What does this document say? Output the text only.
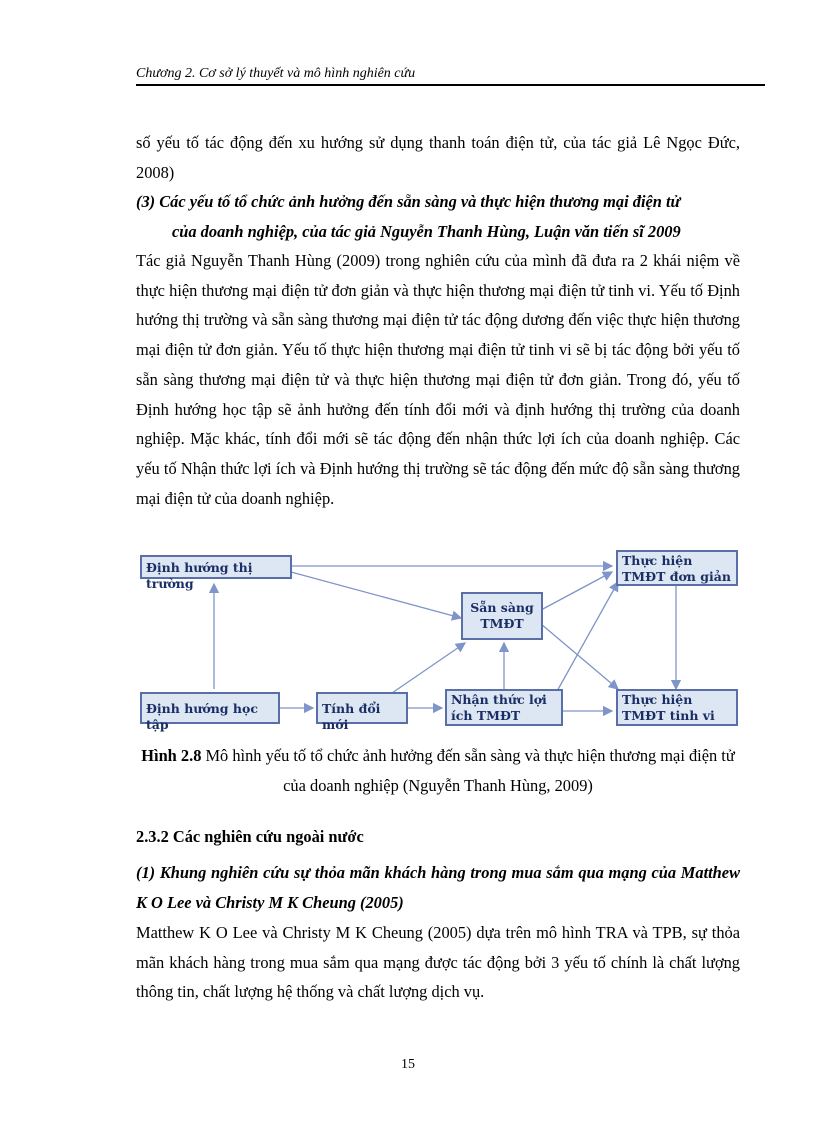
Chương 2. Cơ sở lý thuyết và mô hình nghiên cứu

số yếu tố tác động đến xu hướng sử dụng thanh toán điện tử, của tác giả Lê Ngọc Đức, 2008)

(3) Các yếu tố tổ chức ảnh hưởng đến sẵn sàng và thực hiện thương mại điện tử
của doanh nghiệp, của tác giả Nguyễn Thanh Hùng, Luận văn tiến sĩ 2009

Tác giả Nguyễn Thanh Hùng (2009) trong nghiên cứu của mình đã đưa ra 2 khái niệm về thực hiện thương mại điện tử đơn giản và thực hiện thương mại điện tử tinh vi. Yếu tố Định hướng thị trường và sẵn sàng thương mại điện tử tác động dương đến việc thực hiện thương mại điện tử đơn giản. Yếu tố thực hiện thương mại điện tử tinh vi sẽ bị tác động bởi yếu tố sẵn sàng thương mại điện tử và thực hiện thương mại điện tử đơn giản. Trong đó, yếu tố Định hướng học tập sẽ ảnh hưởng đến tính đổi mới và định hướng thị trường của doanh nghiệp. Mặc khác, tính đổi mới sẽ tác động đến nhận thức lợi ích của doanh nghiệp. Các yếu tố Nhận thức lợi ích và Định hướng thị trường sẽ tác động đến mức độ sẵn sàng thương mại điện tử của doanh nghiệp.

Định hướng thị trường
Sẵn sàng
TMĐT
Thực hiện
TMĐT đơn giản
Định hướng học tập
Tính đổi mới
Nhận thức lợi
ích TMĐT
Thực hiện
TMĐT tinh vi

Hình 2.8 Mô hình yếu tố tổ chức ảnh hưởng đến sẵn sàng và thực hiện thương mại điện tử của doanh nghiệp (Nguyễn Thanh Hùng, 2009)

2.3.2 Các nghiên cứu ngoài nước

(1) Khung nghiên cứu sự thỏa mãn khách hàng trong mua sắm qua mạng của Matthew K O Lee và Christy M K Cheung (2005)

Matthew K O Lee và Christy M K Cheung (2005) dựa trên mô hình TRA và TPB, sự thỏa mãn khách hàng trong mua sắm qua mạng được tác động bởi 3 yếu tố chính là chất lượng thông tin, chất lượng hệ thống và chất lượng dịch vụ.

15
